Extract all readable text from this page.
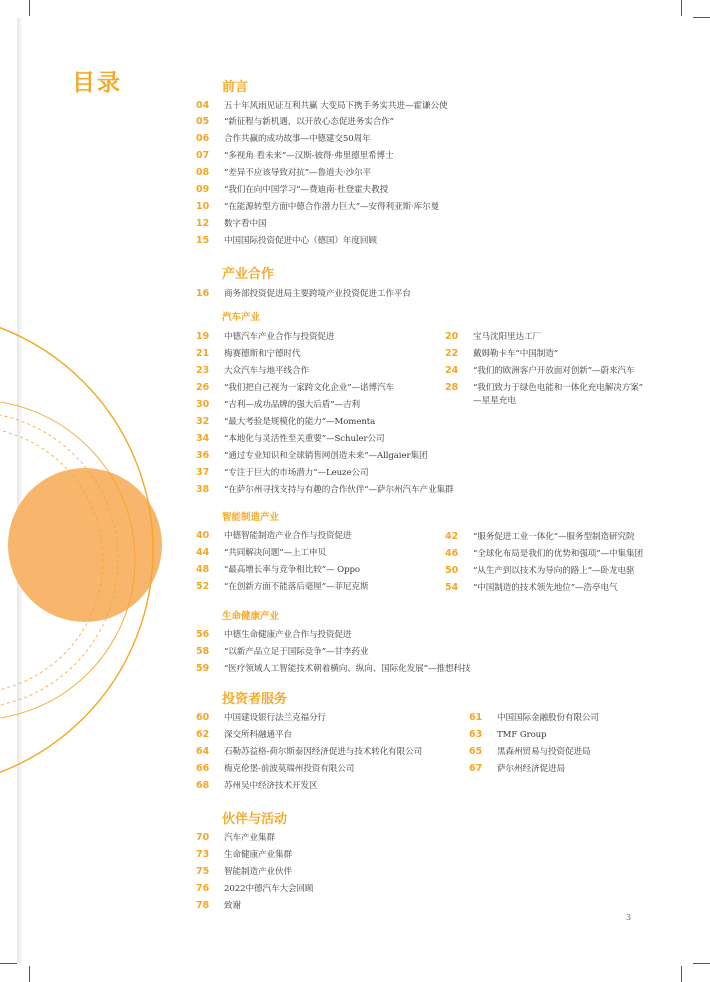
目录	前言
04	五十年风雨见证互利共赢 大变局下携手务实共进—霍谦公使
05	“新征程与新机遇，以开放心态促进务实合作”
06	合作共赢的成功故事—中德建交50周年
07	“多视角 看未来”—汉斯-彼得·弗里德里希博士
08	“差异不应该导致对抗”—鲁道夫·沙尔平
09	“我们在向中国学习”—费迪南·杜登霍夫教授
10	“在能源转型方面中德合作潜力巨大”—安得利亚斯·库尔曼
12	数字看中国
15	中国国际投资促进中心（德国）年度回顾
产业合作
16	商务部投资促进局主要跨境产业投资促进工作平台
汽车产业
19	中德汽车产业合作与投资促进
21	梅赛德斯和宁德时代
23	大众汽车与地平线合作
26	“我们把自己视为一家跨文化企业”—诺博汽车
30	“吉利—成功品牌的强大后盾”—吉利
32	“最大考验是规模化的能力”—Momenta
34	“本地化与灵活性至关重要”—Schuler公司
36	“通过专业知识和全球销售网创造未来”—Allgaier集团
37	“专注于巨大的市场潜力”—Leuze公司
38	“在萨尔州寻找支持与有趣的合作伙伴”—萨尔州汽车产业集群
20	宝马沈阳里达工厂
22	戴姆勒卡车“中国制造”
24	“我们的欧洲客户开放面对创新”—蔚来汽车
28	“我们致力于绿色电能和一体化充电解决方案”
—星星充电
智能制造产业
40	中德智能制造产业合作与投资促进
44	“共同解决问题”—上工申贝
48	“最高增长率与竞争相比较”— Oppo
52	“在创新方面不能落后毫厘”—菲尼克斯
42	“服务促进工业一体化”—服务型制造研究院
46	“全球化布局是我们的优势和强项”—中集集团
50	“从生产到以技术为导向的路上”—卧龙电驱
54	“中国制造的技术领先地位”—浩亭电气
生命健康产业
56	中德生命健康产业合作与投资促进
58	“以新产品立足于国际竞争”—甘李药业
59	“医疗领域人工智能技术朝着横向、纵向、国际化发展”—推想科技
投资者服务
60	中国建设银行法兰克福分行
62	深交所科融通平台
64	石勒苏益格-荷尔斯泰因经济促进与技术转化有限公司
66	梅克伦堡-前波莫瑞州投资有限公司
68	苏州吴中经济技术开发区
61	中国国际金融股份有限公司
63	TMF Group
65	黑森州贸易与投资促进局
67	萨尔州经济促进局
伙伴与活动
70	汽车产业集群
73	生命健康产业集群
75	智能制造产业伙伴
76	2022中德汽车大会回顾
78	致谢
3
